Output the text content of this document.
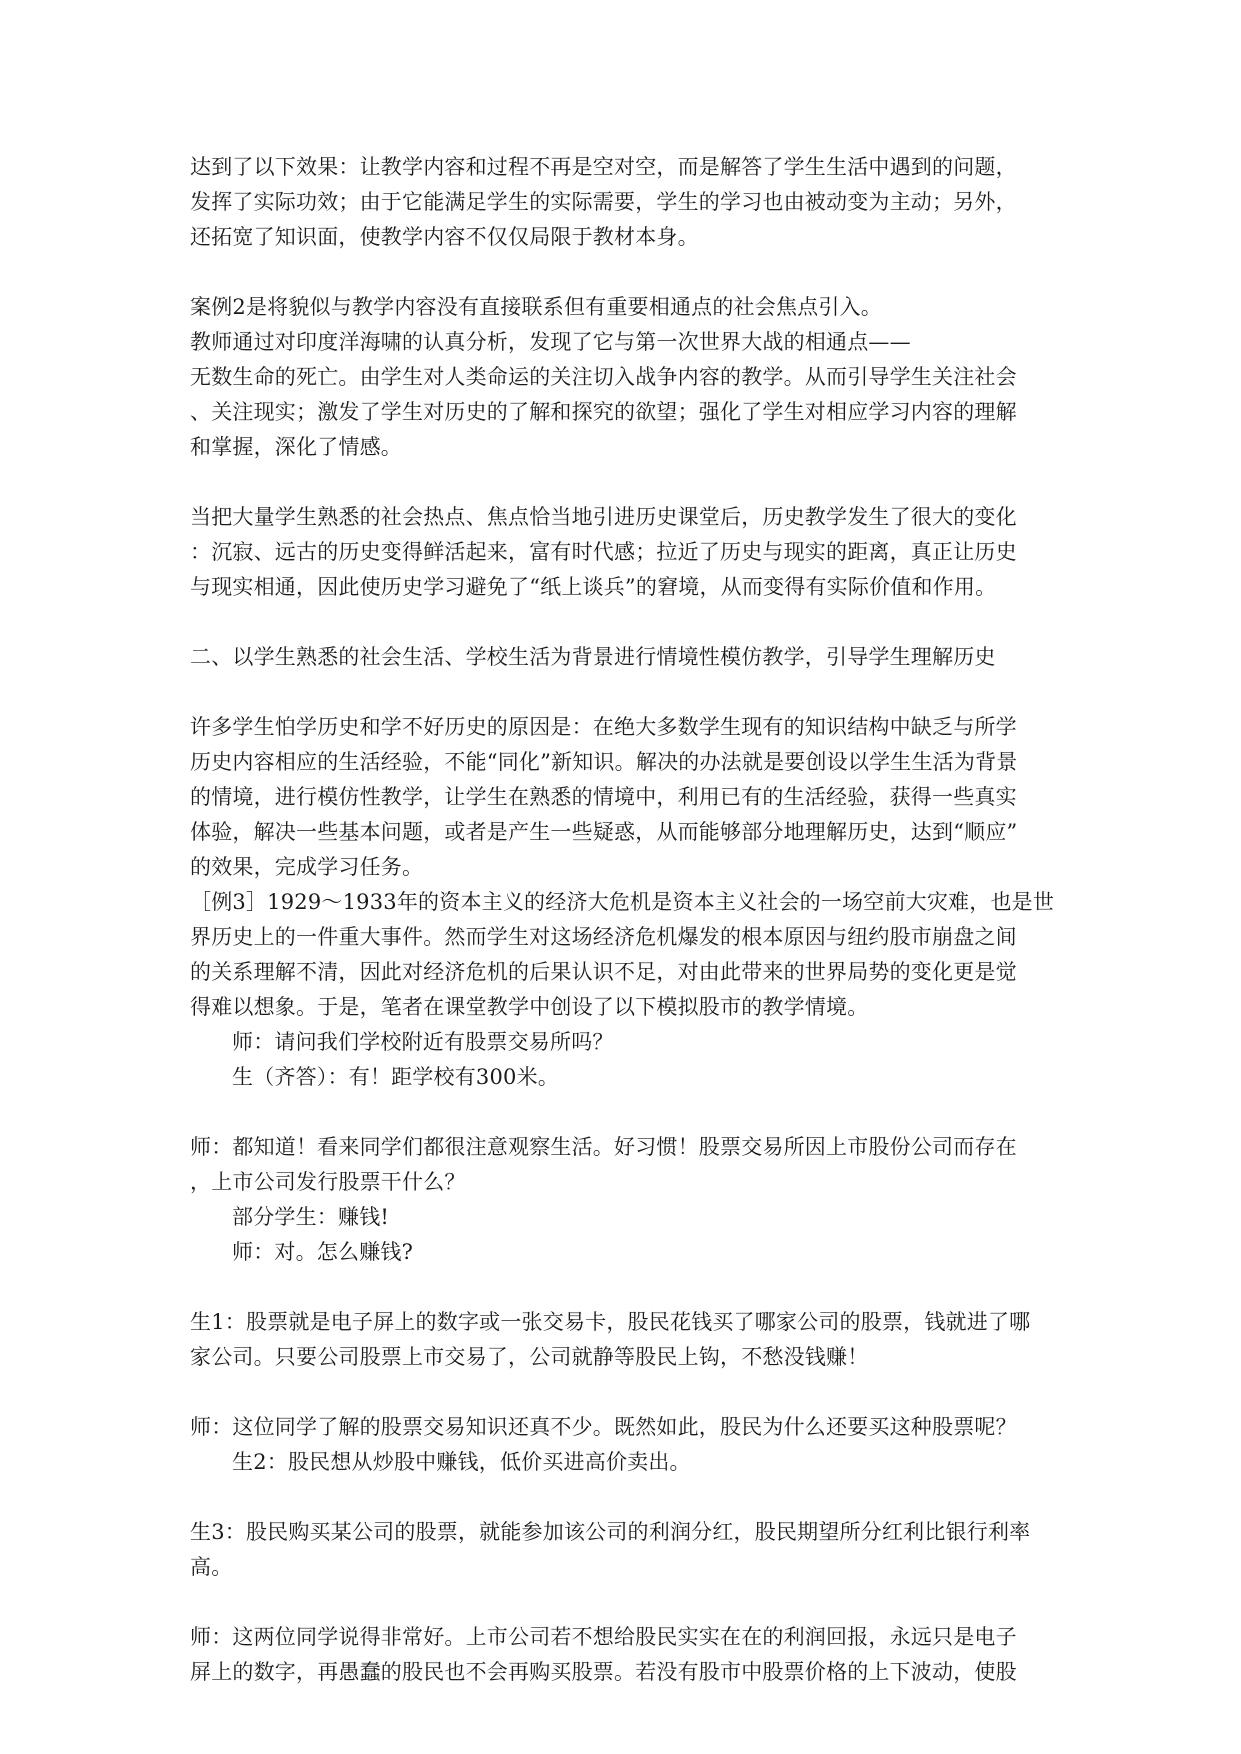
达到了以下效果：让教学内容和过程不再是空对空，而是解答了学生生活中遇到的问题，
发挥了实际功效；由于它能满足学生的实际需要，学生的学习也由被动变为主动；另外，
还拓宽了知识面，使教学内容不仅仅局限于教材本身。
案例2是将貌似与教学内容没有直接联系但有重要相通点的社会焦点引入。
教师通过对印度洋海啸的认真分析，发现了它与第一次世界大战的相通点——
无数生命的死亡。由学生对人类命运的关注切入战争内容的教学。从而引导学生关注社会
、关注现实；激发了学生对历史的了解和探究的欲望；强化了学生对相应学习内容的理解
和掌握，深化了情感。
当把大量学生熟悉的社会热点、焦点恰当地引进历史课堂后，历史教学发生了很大的变化
：沉寂、远古的历史变得鲜活起来，富有时代感；拉近了历史与现实的距离，真正让历史
与现实相通，因此使历史学习避免了“纸上谈兵”的窘境，从而变得有实际价值和作用。
二、以学生熟悉的社会生活、学校生活为背景进行情境性模仿教学，引导学生理解历史
许多学生怕学历史和学不好历史的原因是：在绝大多数学生现有的知识结构中缺乏与所学
历史内容相应的生活经验，不能“同化”新知识。解决的办法就是要创设以学生生活为背景
的情境，进行模仿性教学，让学生在熟悉的情境中，利用已有的生活经验，获得一些真实
体验，解决一些基本问题，或者是产生一些疑惑，从而能够部分地理解历史，达到“顺应”
的效果，完成学习任务。
［例3］1929～1933年的资本主义的经济大危机是资本主义社会的一场空前大灾难，也是世
界历史上的一件重大事件。然而学生对这场经济危机爆发的根本原因与纽约股市崩盘之间
的关系理解不清，因此对经济危机的后果认识不足，对由此带来的世界局势的变化更是觉
得难以想象。于是，笔者在课堂教学中创设了以下模拟股市的教学情境。
师：请问我们学校附近有股票交易所吗？
生（齐答）：有！距学校有300米。
师：都知道！看来同学们都很注意观察生活。好习惯！股票交易所因上市股份公司而存在
，上市公司发行股票干什么？
部分学生：赚钱!
师：对。怎么赚钱?
生1：股票就是电子屏上的数字或一张交易卡，股民花钱买了哪家公司的股票，钱就进了哪
家公司。只要公司股票上市交易了，公司就静等股民上钩，不愁没钱赚！
师：这位同学了解的股票交易知识还真不少。既然如此，股民为什么还要买这种股票呢？
生2：股民想从炒股中赚钱，低价买进高价卖出。
生3：股民购买某公司的股票，就能参加该公司的利润分红，股民期望所分红利比银行利率
高。
师：这两位同学说得非常好。上市公司若不想给股民实实在在的利润回报，永远只是电子
屏上的数字，再愚蠢的股民也不会再购买股票。若没有股市中股票价格的上下波动，使股
